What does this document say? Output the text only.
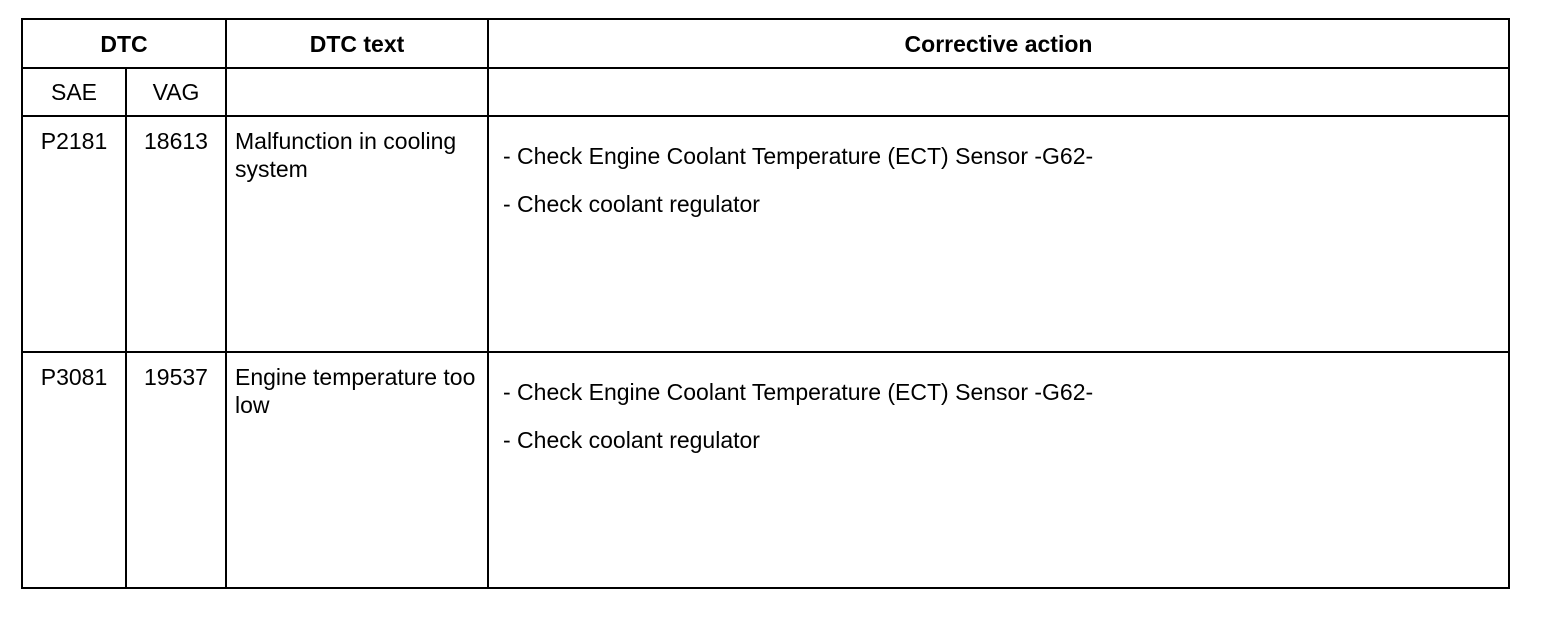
DTC		DTC text	Corrective action
SAE	VAG		
P2181	18613	Malfunction in cooling system	- Check Engine Coolant Temperature (ECT) Sensor -G62-
- Check coolant regulator

P3081	19537	Engine temperature too low	- Check Engine Coolant Temperature (ECT) Sensor -G62-
- Check coolant regulator
